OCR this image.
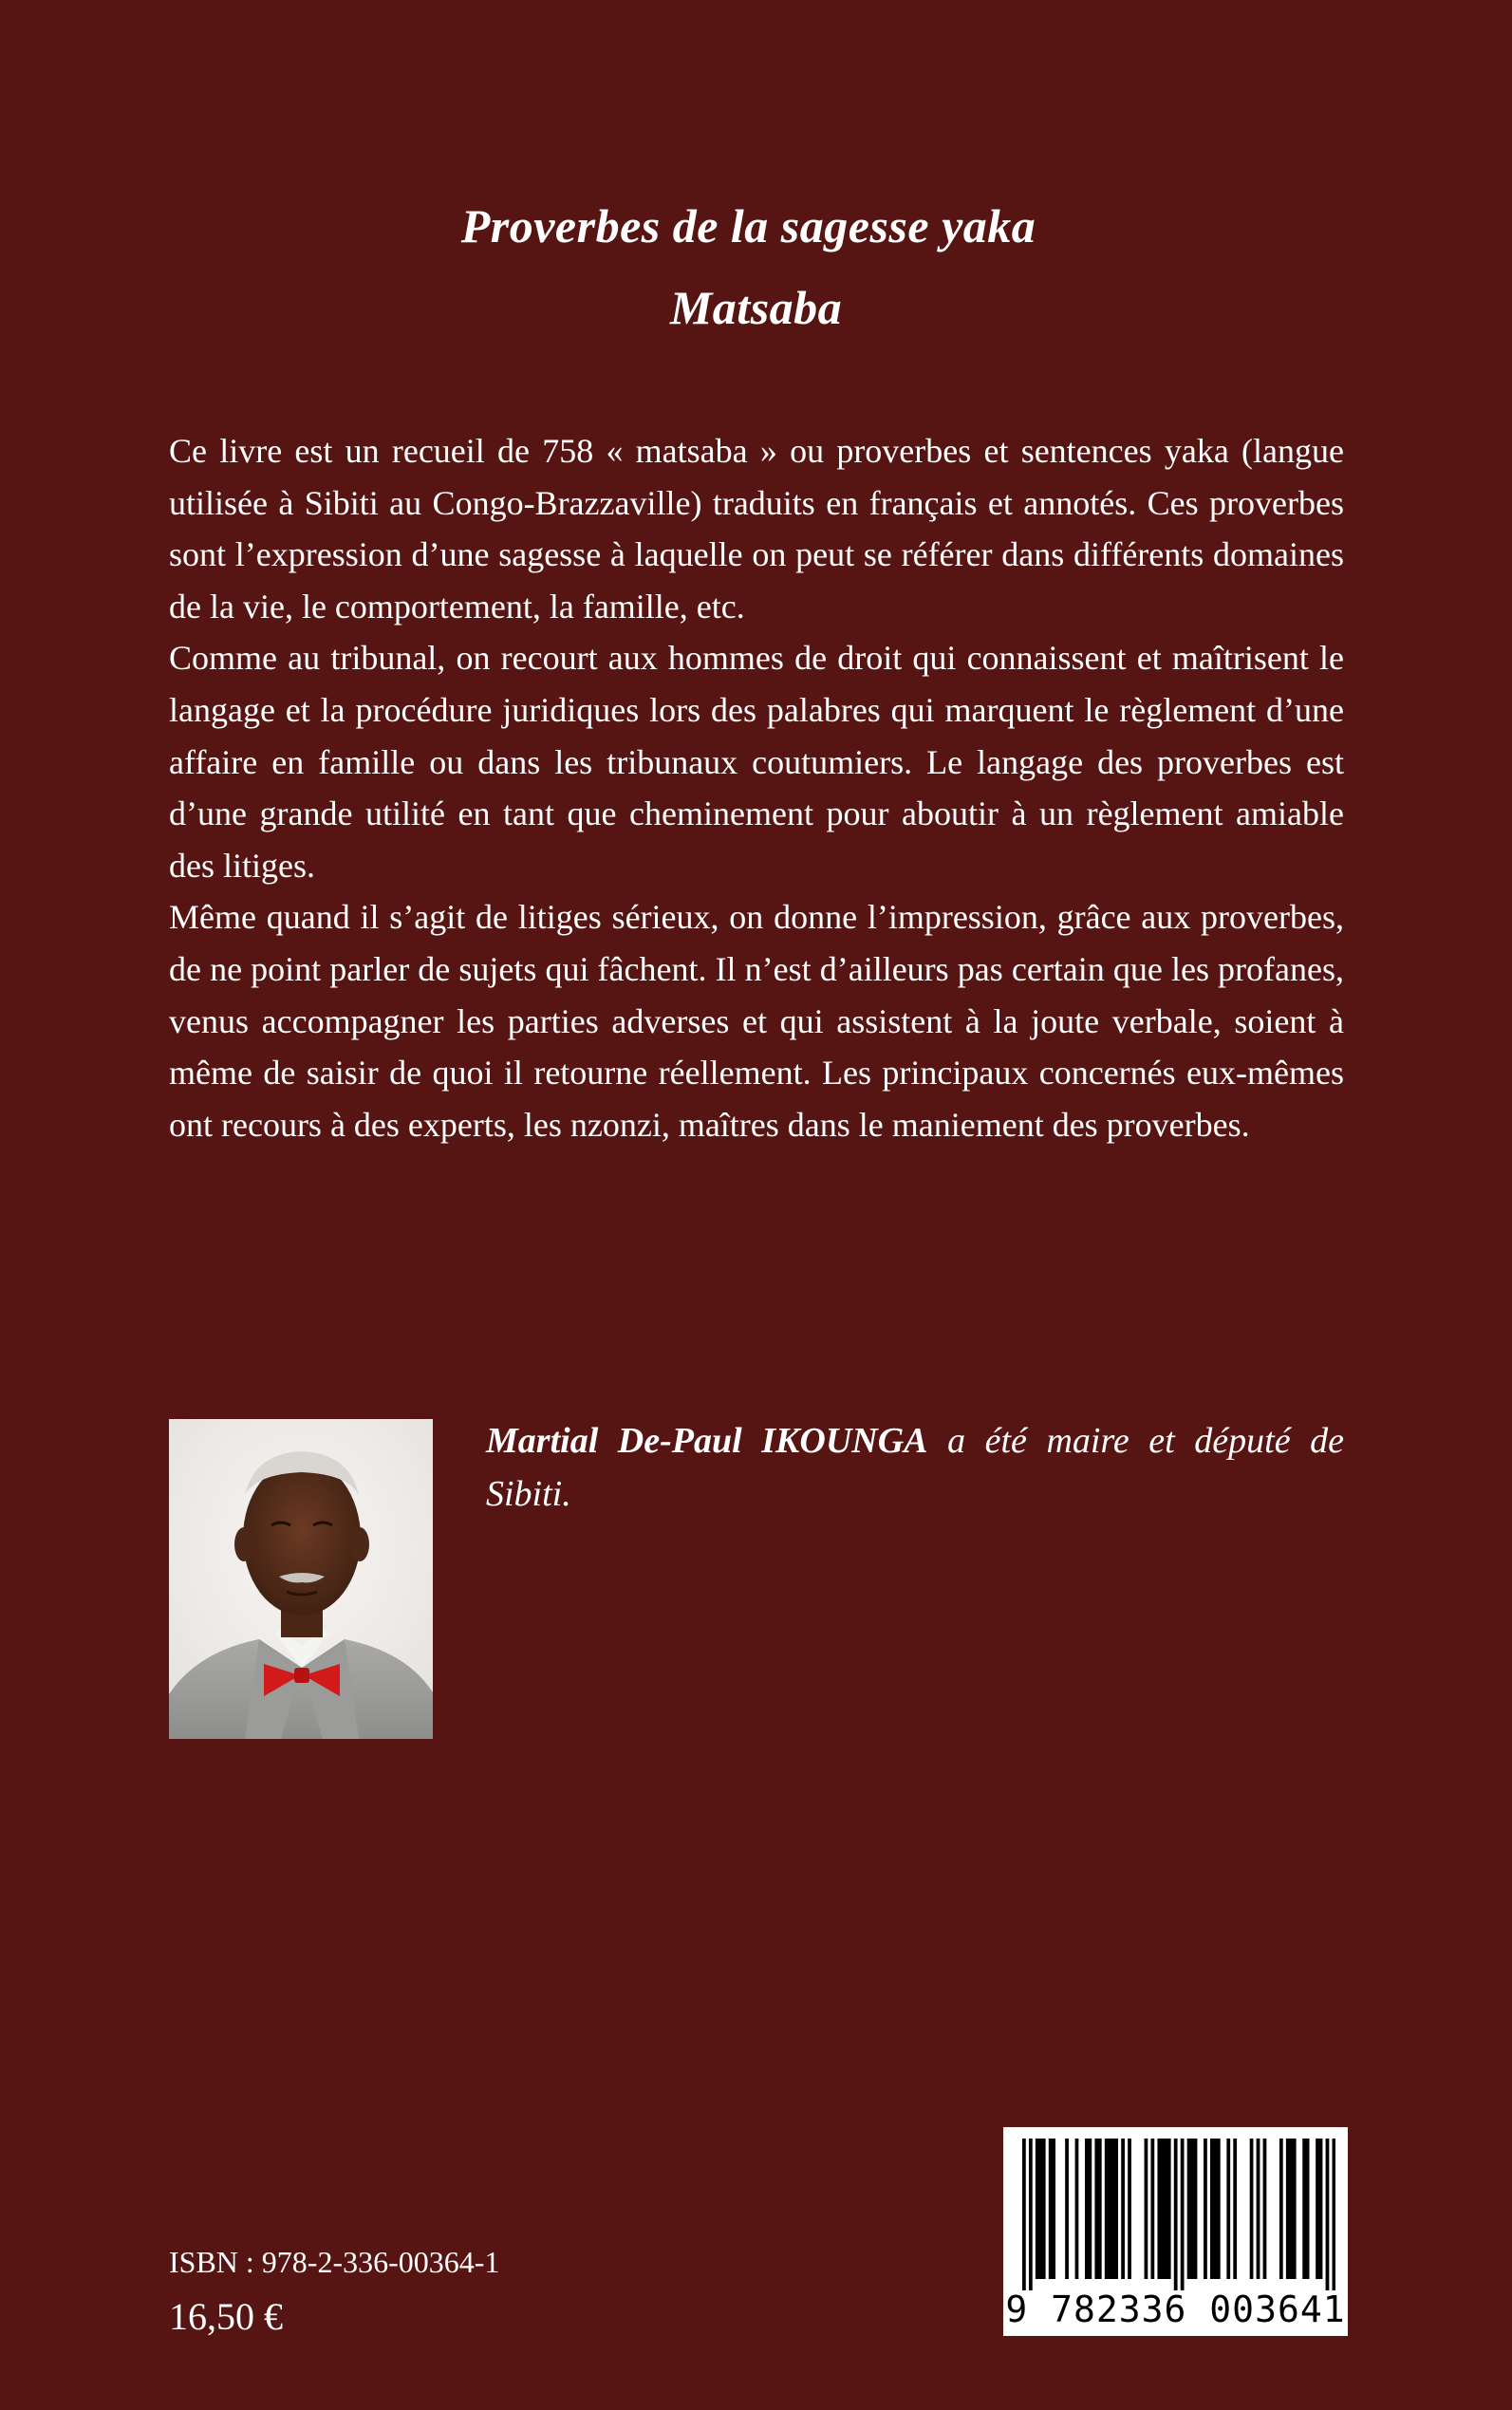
Proverbes de la sagesse yaka
Matsaba

Ce livre est un recueil de 758 « matsaba » ou proverbes et sentences yaka (langue utilisée à Sibiti au Congo-Brazzaville) traduits en français et annotés. Ces proverbes sont l’expression d’une sagesse à laquelle on peut se référer dans différents domaines de la vie, le comportement, la famille, etc.

Comme au tribunal, on recourt aux hommes de droit qui connaissent et maîtrisent le langage et la procédure juridiques lors des palabres qui marquent le règlement d’une affaire en famille ou dans les tribunaux coutumiers. Le langage des proverbes est d’une grande utilité en tant que cheminement pour aboutir à un règlement amiable des litiges.

Même quand il s’agit de litiges sérieux, on donne l’impression, grâce aux proverbes, de ne point parler de sujets qui fâchent. Il n’est d’ailleurs pas certain que les profanes, venus accompagner les parties adverses et qui assistent à la joute verbale, soient à même de saisir de quoi il retourne réellement. Les principaux concernés eux-mêmes ont recours à des experts, les nzonzi, maîtres dans le maniement des proverbes.

Martial De-Paul IKOUNGA a été maire et député de Sibiti.
ISBN : 978-2-336-00364-1
16,50 €	9 782336 003641
